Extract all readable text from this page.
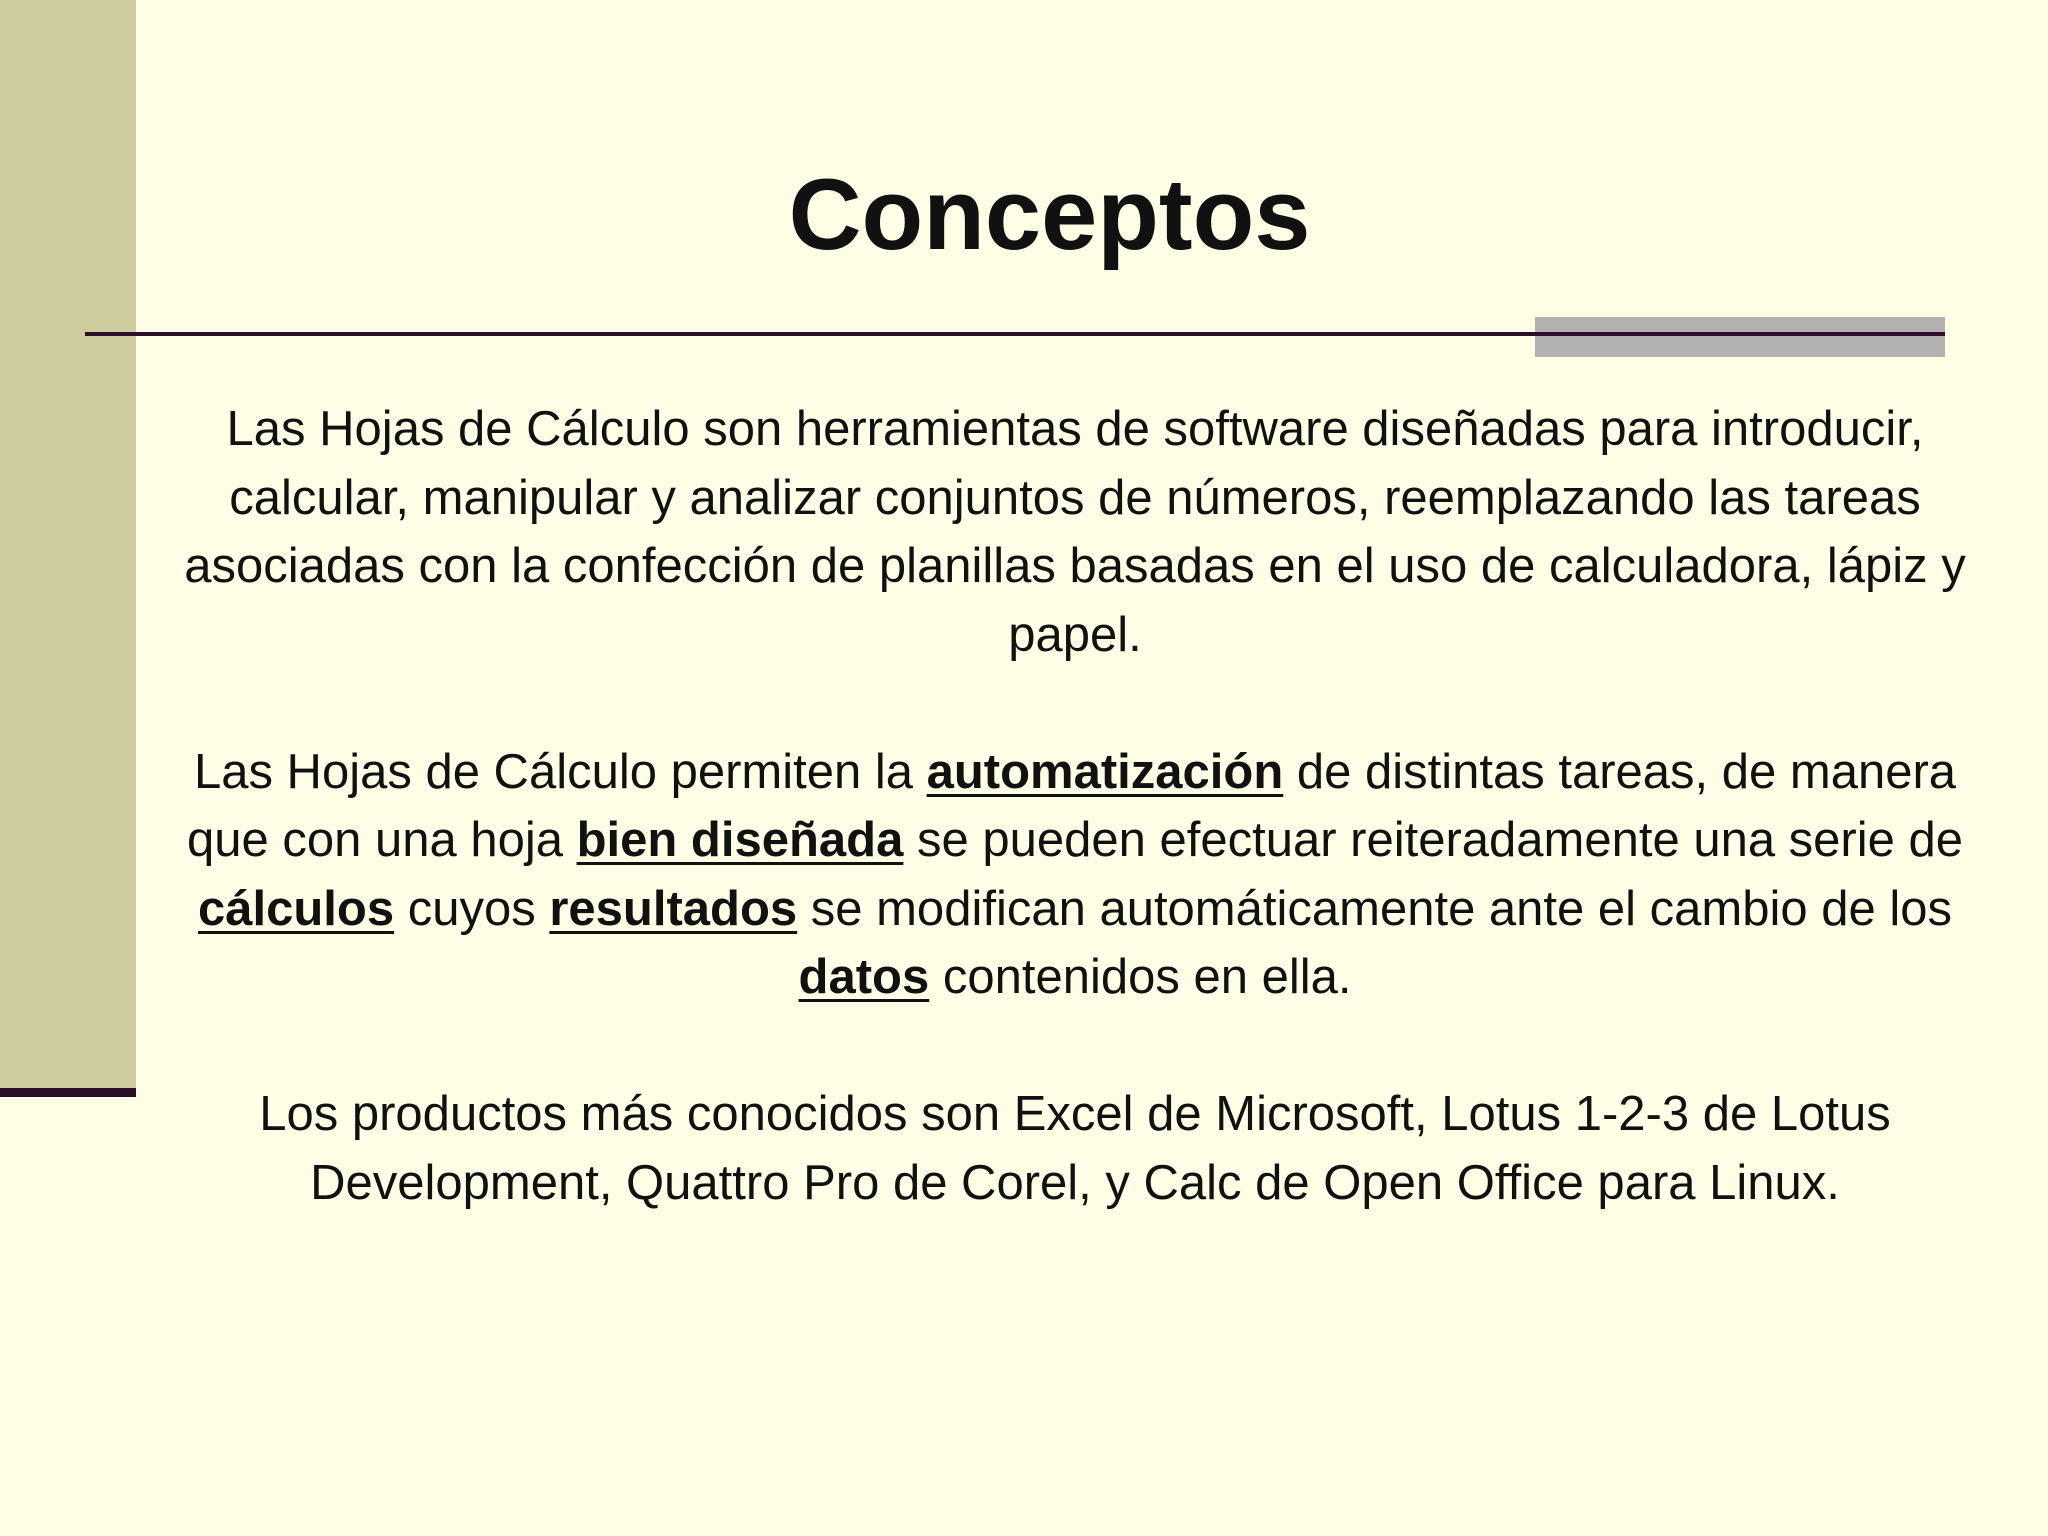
Conceptos

Las Hojas de Cálculo son herramientas de software diseñadas para introducir, calcular, manipular y analizar conjuntos de números, reemplazando las tareas asociadas con la confección de planillas basadas en el uso de calculadora, lápiz y papel.

Las Hojas de Cálculo permiten la automatización de distintas tareas, de manera que con una hoja bien diseñada se pueden efectuar reiteradamente una serie de cálculos cuyos resultados se modifican automáticamente ante el cambio de los datos contenidos en ella.

Los productos más conocidos son Excel de Microsoft, Lotus 1-2-3 de Lotus Development, Quattro Pro de Corel, y Calc de Open Office para Linux.
